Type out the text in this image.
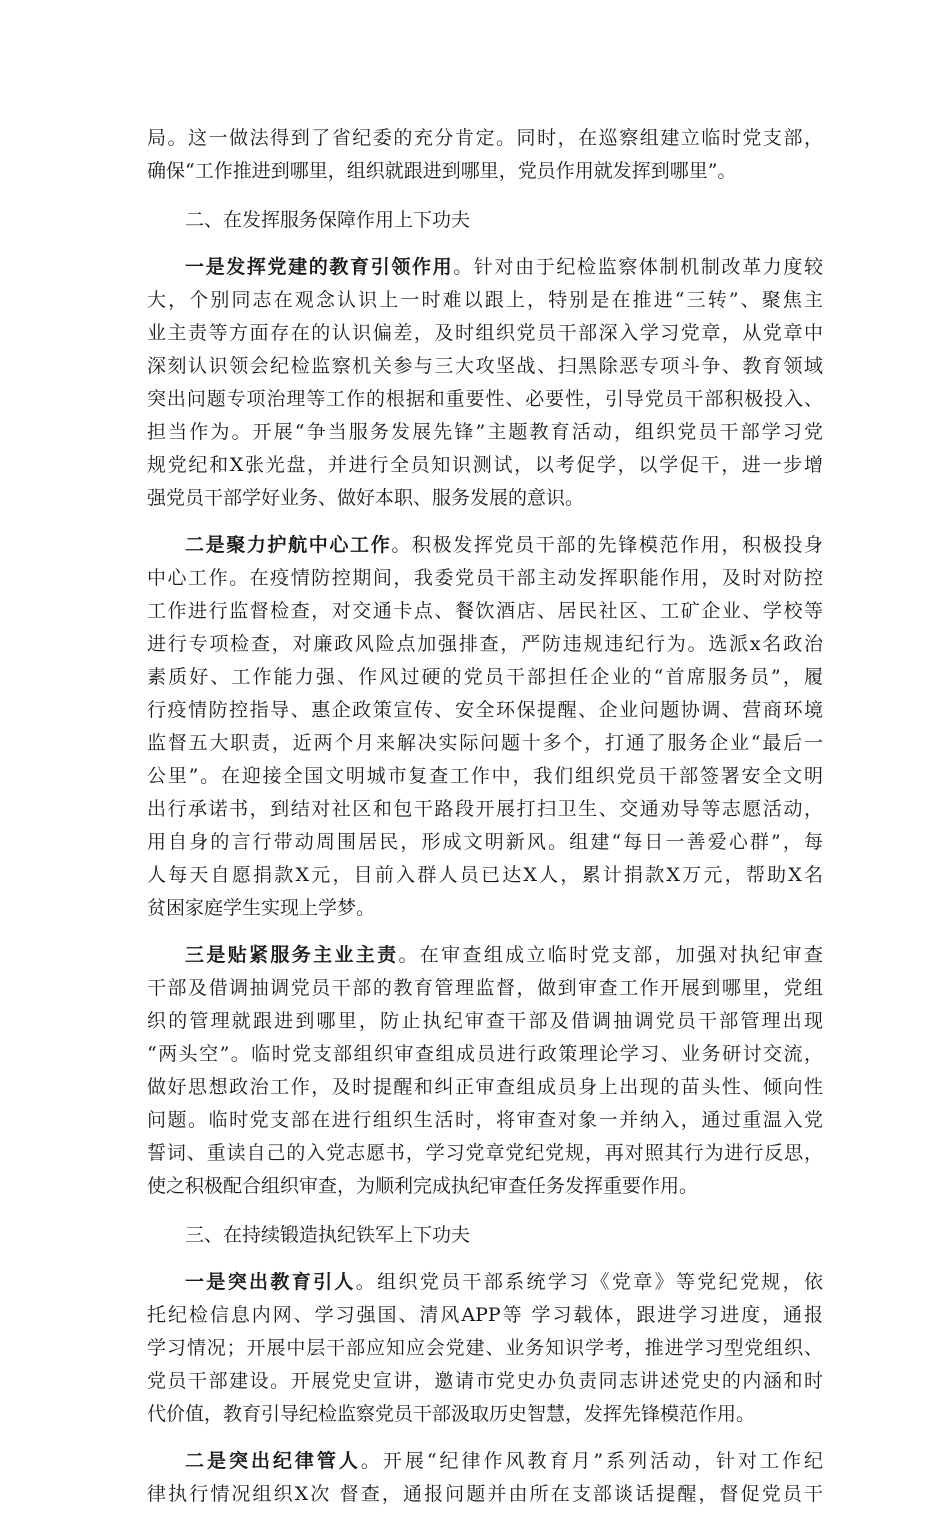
局。这一做法得到了省纪委的充分肯定。同时，在巡察组建立临时党支部，
确保“工作推进到哪里，组织就跟进到哪里，党员作用就发挥到哪里”。
二、在发挥服务保障作用上下功夫
一是发挥党建的教育引领作用。针对由于纪检监察体制机制改革力度较
大，个别同志在观念认识上一时难以跟上，特别是在推进“三转”、聚焦主
业主责等方面存在的认识偏差，及时组织党员干部深入学习党章，从党章中
深刻认识领会纪检监察机关参与三大攻坚战、扫黑除恶专项斗争、教育领域
突出问题专项治理等工作的根据和重要性、必要性，引导党员干部积极投入、
担当作为。开展“争当服务发展先锋”主题教育活动，组织党员干部学习党
规党纪和X张光盘，并进行全员知识测试，以考促学，以学促干，进一步增
强党员干部学好业务、做好本职、服务发展的意识。
二是聚力护航中心工作。积极发挥党员干部的先锋模范作用，积极投身
中心工作。在疫情防控期间，我委党员干部主动发挥职能作用，及时对防控
工作进行监督检查，对交通卡点、餐饮酒店、居民社区、工矿企业、学校等
进行专项检查，对廉政风险点加强排查，严防违规违纪行为。选派x名政治
素质好、工作能力强、作风过硬的党员干部担任企业的“首席服务员”，履
行疫情防控指导、惠企政策宣传、安全环保提醒、企业问题协调、营商环境
监督五大职责，近两个月来解决实际问题十多个，打通了服务企业“最后一
公里”。在迎接全国文明城市复查工作中，我们组织党员干部签署安全文明
出行承诺书，到结对社区和包干路段开展打扫卫生、交通劝导等志愿活动，
用自身的言行带动周围居民，形成文明新风。组建“每日一善爱心群”，每
人每天自愿捐款X元，目前入群人员已达X人，累计捐款X万元，帮助X名
贫困家庭学生实现上学梦。
三是贴紧服务主业主责。在审查组成立临时党支部，加强对执纪审查
干部及借调抽调党员干部的教育管理监督，做到审查工作开展到哪里，党组
织的管理就跟进到哪里，防止执纪审查干部及借调抽调党员干部管理出现
“两头空”。临时党支部组织审查组成员进行政策理论学习、业务研讨交流，
做好思想政治工作，及时提醒和纠正审查组成员身上出现的苗头性、倾向性
问题。临时党支部在进行组织生活时，将审查对象一并纳入，通过重温入党
誓词、重读自己的入党志愿书，学习党章党纪党规，再对照其行为进行反思，
使之积极配合组织审查，为顺利完成执纪审查任务发挥重要作用。
三、在持续锻造执纪铁军上下功夫
一是突出教育引人。组织党员干部系统学习《党章》等党纪党规，依
托纪检信息内网、学习强国、清风APP等 学习载体，跟进学习进度，通报
学习情况；开展中层干部应知应会党建、业务知识学考，推进学习型党组织、
党员干部建设。开展党史宣讲，邀请市党史办负责同志讲述党史的内涵和时
代价值，教育引导纪检监察党员干部汲取历史智慧，发挥先锋模范作用。
二是突出纪律管人。开展“纪律作风教育月”系列活动，针对工作纪
律执行情况组织X次 督查，通报问题并由所在支部谈话提醒，督促党员干
